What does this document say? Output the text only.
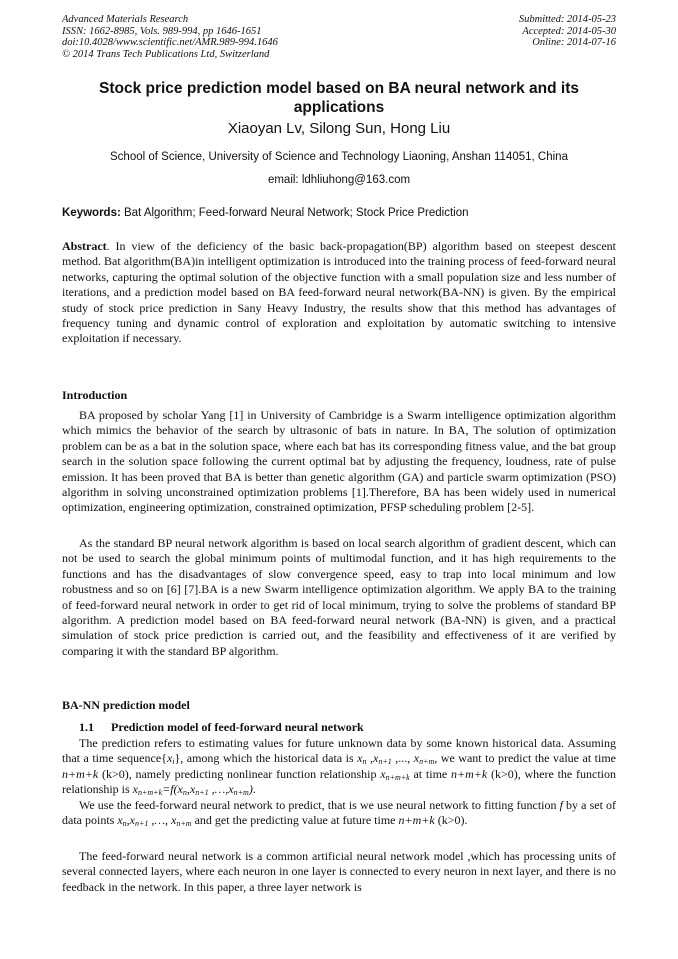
Advanced Materials Research
ISSN: 1662-8985, Vols. 989-994, pp 1646-1651
doi:10.4028/www.scientific.net/AMR.989-994.1646
© 2014 Trans Tech Publications Ltd, Switzerland
Submitted: 2014-05-23
Accepted: 2014-05-30
Online: 2014-07-16
Stock price prediction model based on BA neural network and its applications
Xiaoyan Lv, Silong Sun, Hong Liu
School of Science, University of Science and Technology Liaoning, Anshan 114051, China
email: ldhliuhong@163.com
Keywords: Bat Algorithm; Feed-forward Neural Network; Stock Price Prediction

Abstract. In view of the deficiency of the basic back-propagation(BP) algorithm based on steepest descent method. Bat algorithm(BA)in intelligent optimization is introduced into the training process of feed-forward neural networks, capturing the optimal solution of the objective function with a small population size and less number of iterations, and a prediction model based on BA feed-forward neural network(BA-NN) is given. By the empirical study of stock price prediction in Sany Heavy Industry, the results show that this method has advantages of frequency tuning and dynamic control of exploration and exploitation by automatic switching to intensive exploitation if necessary.

Introduction

BA proposed by scholar Yang [1] in University of Cambridge is a Swarm intelligence optimization algorithm which mimics the behavior of the search by ultrasonic of bats in nature. In BA, The solution of optimization problem can be as a bat in the solution space, where each bat has its corresponding fitness value, and the bat group search in the solution space following the current optimal bat by adjusting the frequency, loudness, rate of pulse emission. It has been proved that BA is better than genetic algorithm (GA) and particle swarm optimization (PSO) algorithm in solving unconstrained optimization problems [1].Therefore, BA has been widely used in numerical optimization, engineering optimization, constrained optimization, PFSP scheduling problem [2-5].

As the standard BP neural network algorithm is based on local search algorithm of gradient descent, which can not be used to search the global minimum points of multimodal function, and it has high requirements to the functions and has the disadvantages of slow convergence speed, easy to trap into local minimum and low robustness and so on [6] [7].BA is a new Swarm intelligence optimization algorithm. We apply BA to the training of feed-forward neural network in order to get rid of local minimum, trying to solve the problems of standard BP algorithm. A prediction model based on BA feed-forward neural network (BA-NN) is given, and a practical simulation of stock price prediction is carried out, and the feasibility and effectiveness of it are verified by comparing it with the standard BP algorithm.

BA-NN prediction model
1.1 Prediction model of feed-forward neural network

The prediction refers to estimating values for future unknown data by some known historical data. Assuming that a time $sequence\{x_i\}$, among which the historical data is $x_n$ $,x_{n+1}$ ,..., $x_{n+m}$, we want to predict the value at time n+m+k (k>0), namely predicting nonlinear function relationship $x_{n+m+k}$ at time n+m+k (k>0), where the function relationship is $x_{n+m+k}=f(x_n,x_{n+1}$ $,\dots,x_{n+m}$).

We use the feed-forward neural network to predict, that is we use neural network to fitting function f by a set of data points $x_n,x_{n+1}$ ,…, $x_{n+m}$ and get the predicting value at future time n+m+k (k>0).

The feed-forward neural network is a common artificial neural network model ,which has processing units of several connected layers, where each neuron in one layer is connected to every neuron in next layer, and there is no feedback in the network. In this paper, a three layer network is
